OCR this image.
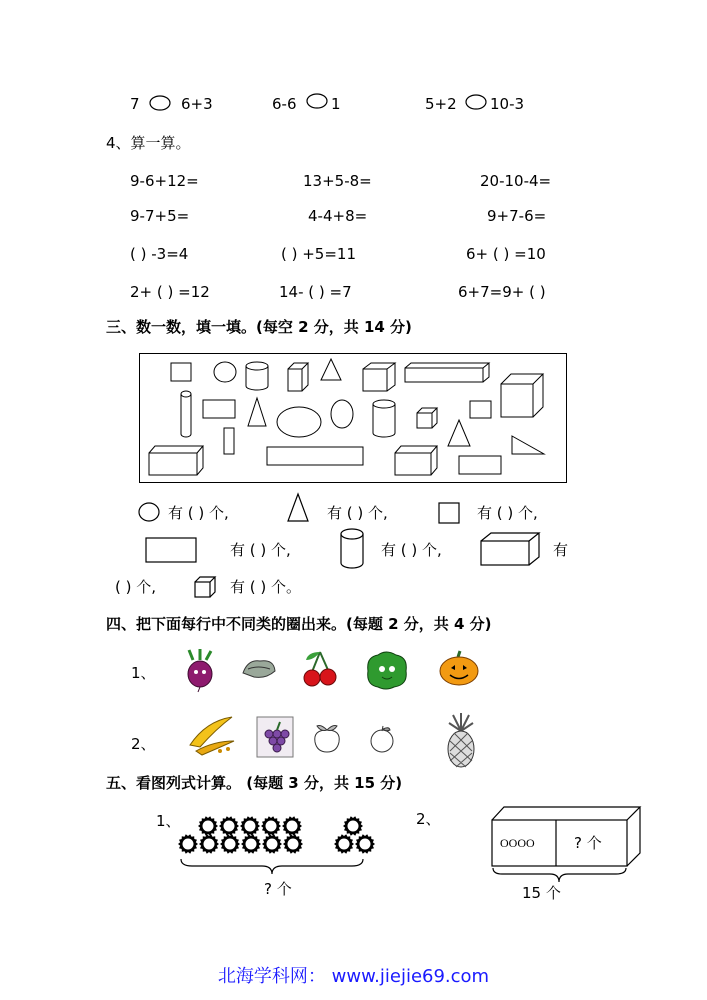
7	6+3	6-6 1	5+2 10-3
4、算一算。
9-6+12=	13+5-8=	20-10-4=
9-7+5=	4-4+8=	9+7-6=
( ) -3=4	( ) +5=11	6+ ( ) =10
2+ ( ) =12	14- ( ) =7	6+7=9+ ( )
三、数一数，填一填。(每空 2 分，共 14 分)
有 ( ) 个,	有 ( ) 个,	有 ( ) 个,
有 ( ) 个,	有 ( ) 个,	有
( ) 个,	有 ( ) 个。
四、把下面每行中不同类的圈出来。(每题 2 分，共 4 分)
1、
2、
五、看图列式计算。 (每题 3 分，共 15 分)
1、
? 个
2、
OOOO	? 个
15 个
北海学科网： www.jiejie69.com
